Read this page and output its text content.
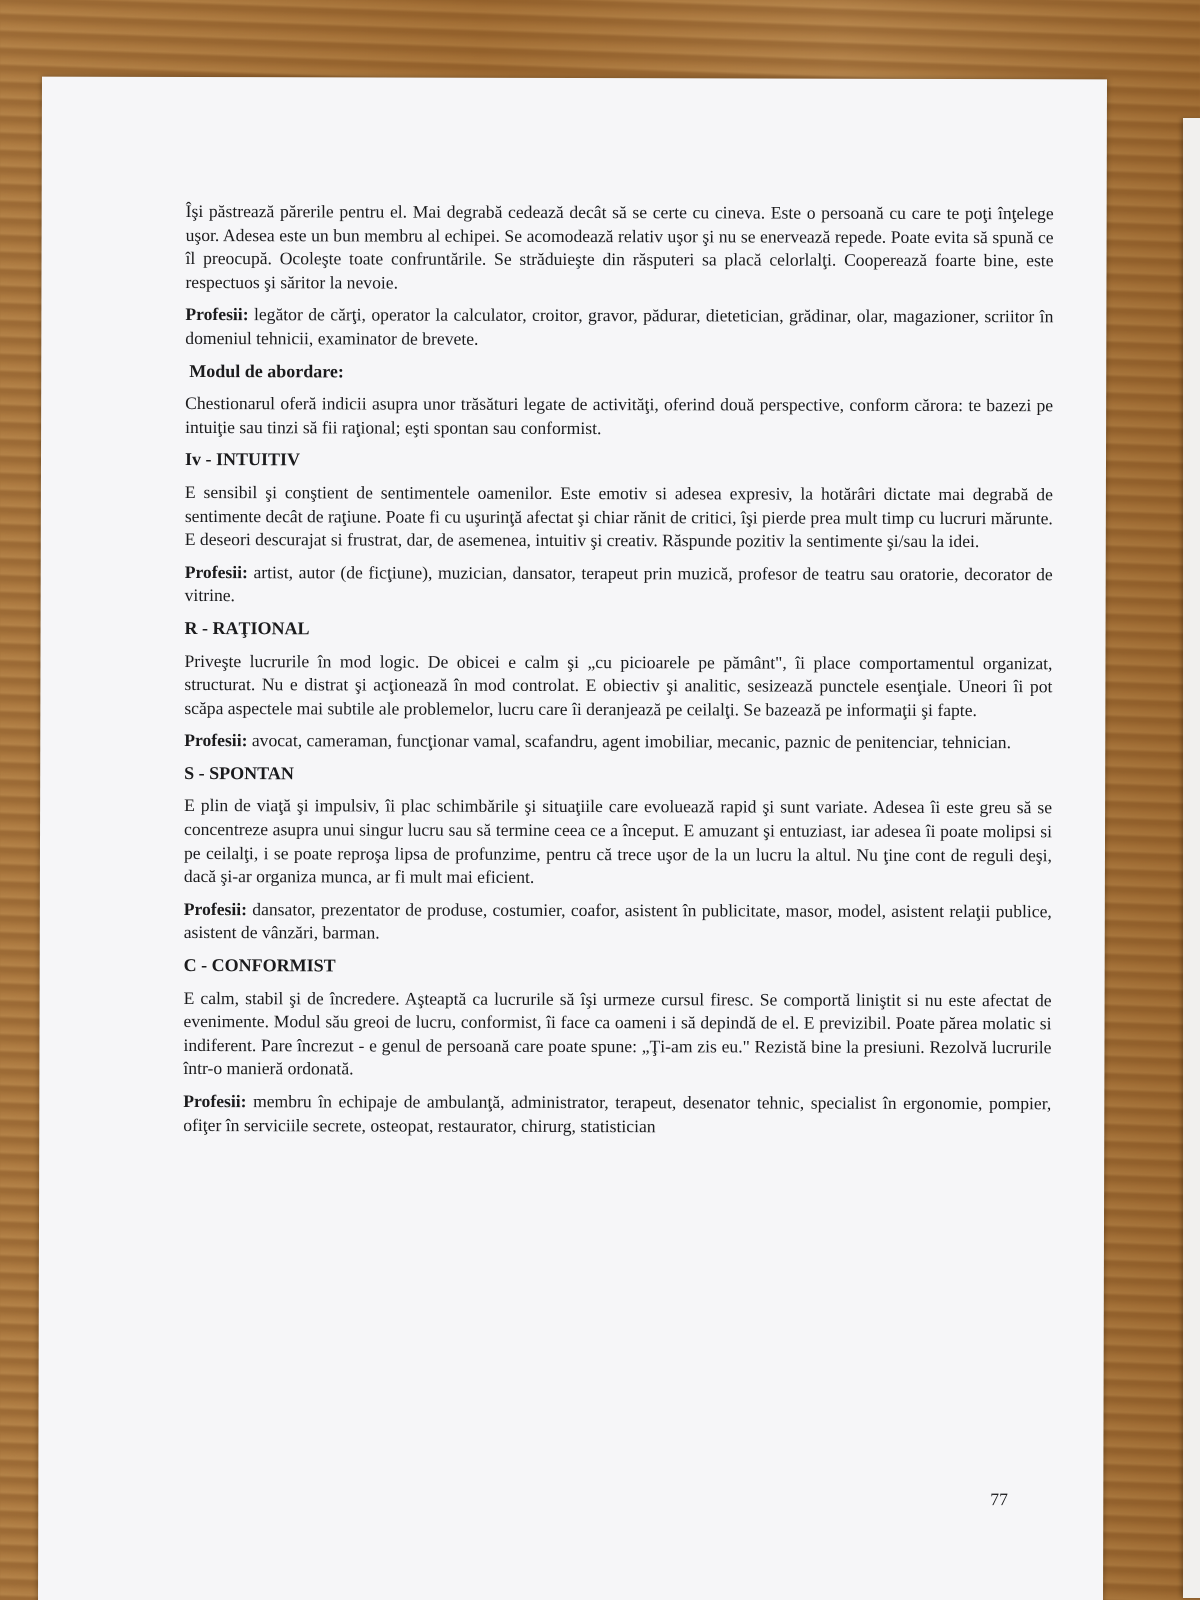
Îşi păstrează părerile pentru el. Mai degrabă cedează decât să se certe cu cineva. Este o persoană cu care te poţi înţelege uşor. Adesea este un bun membru al echipei. Se acomodează relativ uşor şi nu se enervează repede. Poate evita să spună ce îl preocupă. Ocoleşte toate confruntările. Se străduieşte din răsputeri sa placă celorlalţi. Cooperează foarte bine, este respectuos şi săritor la nevoie.

Profesii: legător de cărţi, operator la calculator, croitor, gravor, pădurar, dietetician, grădinar, olar, magazioner, scriitor în domeniul tehnicii, examinator de brevete.

Modul de abordare:

Chestionarul oferă indicii asupra unor trăsături legate de activităţi, oferind două perspective, conform cărora: te bazezi pe intuiţie sau tinzi să fii raţional; eşti spontan sau conformist.

Iv - INTUITIV

E sensibil şi conştient de sentimentele oamenilor. Este emotiv si adesea expresiv, la hotărâri dictate mai degrabă de sentimente decât de raţiune. Poate fi cu uşurinţă afectat şi chiar rănit de critici, îşi pierde prea mult timp cu lucruri mărunte. E deseori descurajat si frustrat, dar, de asemenea, intuitiv şi creativ. Răspunde pozitiv la sentimente şi/sau la idei.

Profesii: artist, autor (de ficţiune), muzician, dansator, terapeut prin muzică, profesor de teatru sau oratorie, decorator de vitrine.

R - RAŢIONAL

Priveşte lucrurile în mod logic. De obicei e calm şi „cu picioarele pe pământ", îi place comportamentul organizat, structurat. Nu e distrat şi acţionează în mod controlat. E obiectiv şi analitic, sesizează punctele esenţiale. Uneori îi pot scăpa aspectele mai subtile ale problemelor, lucru care îi deranjează pe ceilalţi. Se bazează pe informaţii şi fapte.

Profesii: avocat, cameraman, funcţionar vamal, scafandru, agent imobiliar, mecanic, paznic de penitenciar, tehnician.

S - SPONTAN

E plin de viaţă şi impulsiv, îi plac schimbările şi situaţiile care evoluează rapid şi sunt variate. Adesea îi este greu să se concentreze asupra unui singur lucru sau să termine ceea ce a început. E amuzant şi entuziast, iar adesea îi poate molipsi si pe ceilalţi, i se poate reproşa lipsa de profunzime, pentru că trece uşor de la un lucru la altul. Nu ţine cont de reguli deşi, dacă şi-ar organiza munca, ar fi mult mai eficient.

Profesii: dansator, prezentator de produse, costumier, coafor, asistent în publicitate, masor, model, asistent relaţii publice, asistent de vânzări, barman.

C - CONFORMIST

E calm, stabil şi de încredere. Aşteaptă ca lucrurile să îşi urmeze cursul firesc. Se comportă liniştit si nu este afectat de evenimente. Modul său greoi de lucru, conformist, îi face ca oameni i să depindă de el. E previzibil. Poate părea molatic si indiferent. Pare încrezut - e genul de persoană care poate spune: „Ţi-am zis eu." Rezistă bine la presiuni. Rezolvă lucrurile într-o manieră ordonată.

Profesii: membru în echipaje de ambulanţă, administrator, terapeut, desenator tehnic, specialist în ergonomie, pompier, ofiţer în serviciile secrete, osteopat, restaurator, chirurg, statistician

77
